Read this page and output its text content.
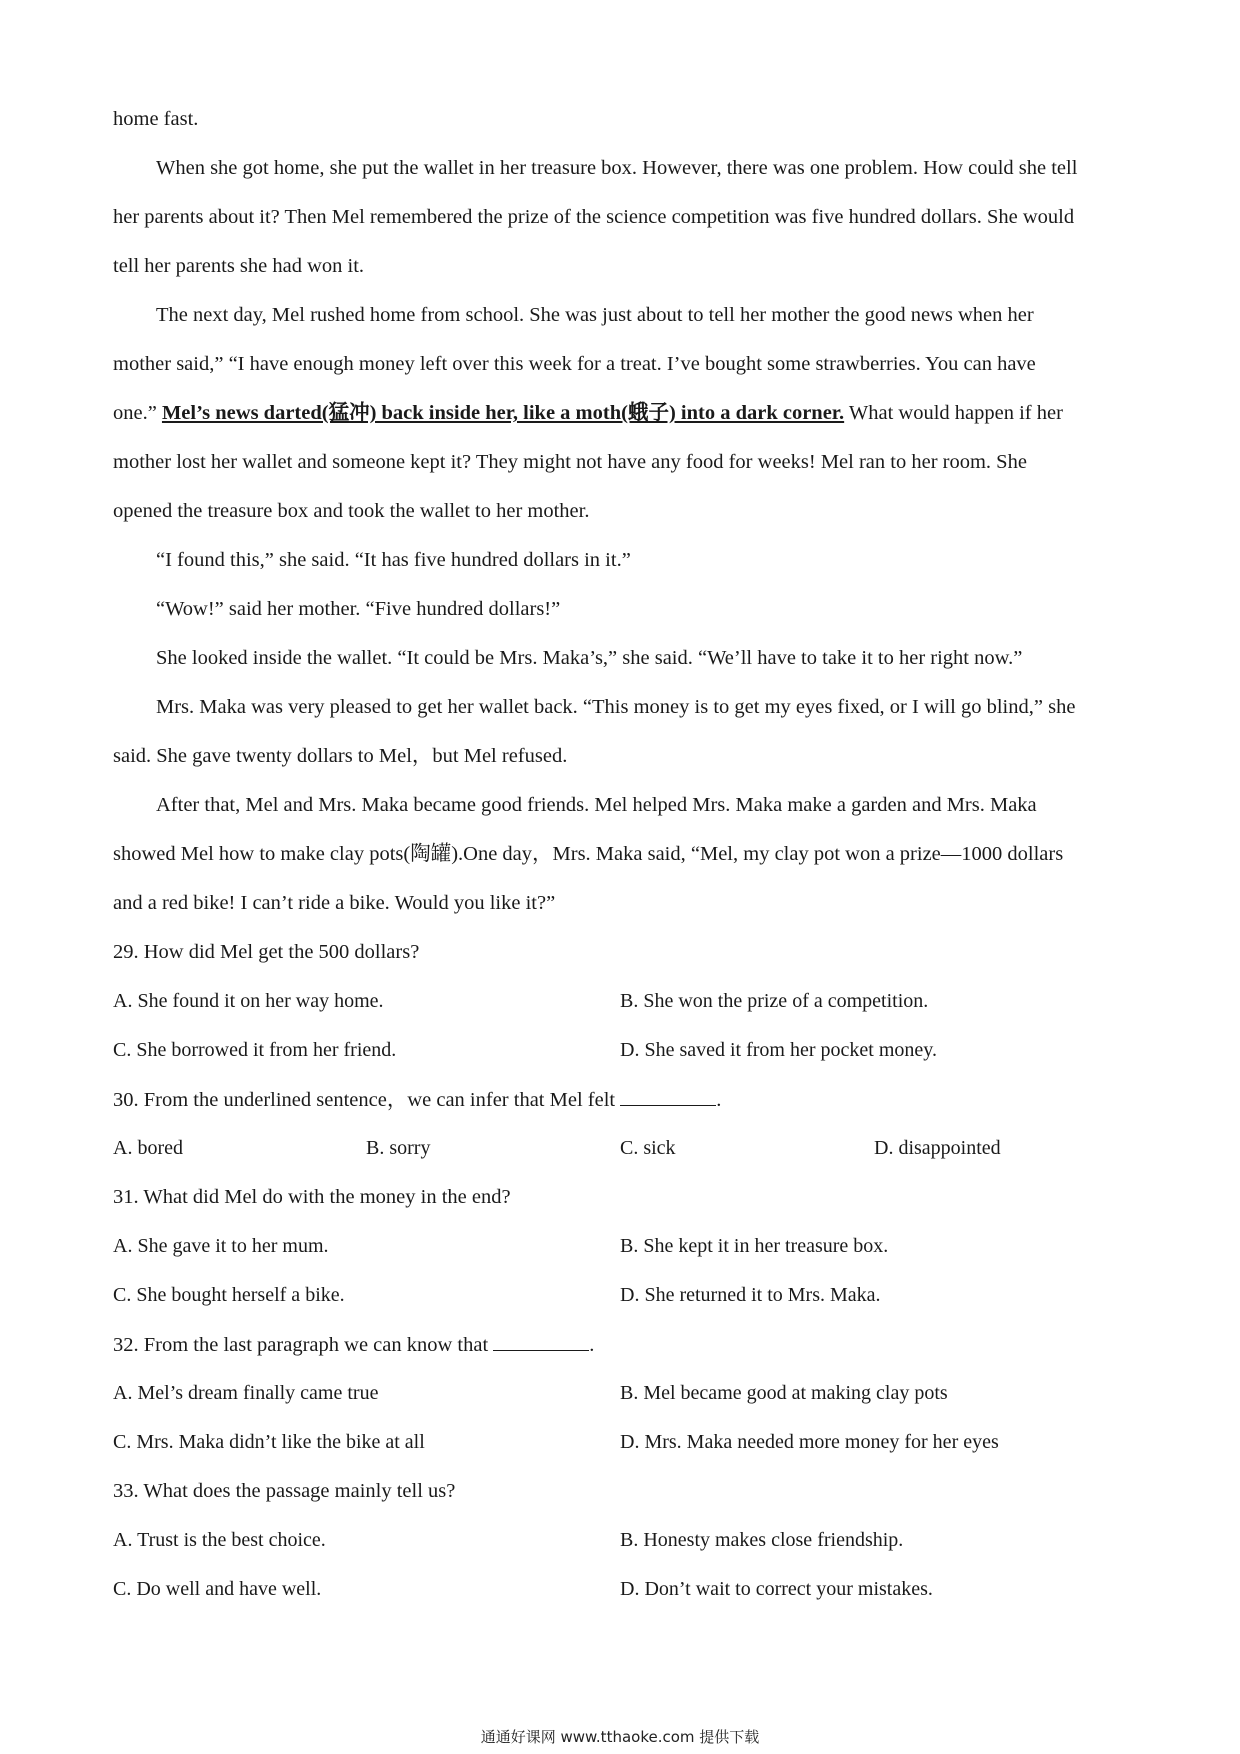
home fast.
When she got home, she put the wallet in her treasure box. However, there was one problem. How could she tell
her parents about it? Then Mel remembered the prize of the science competition was five hundred dollars. She would
tell her parents she had won it.
The next day, Mel rushed home from school. She was just about to tell her mother the good news when her
mother said,” “I have enough money left over this week for a treat. I’ve bought some strawberries. You can have
one.” Mel’s news darted(猛冲) back inside her, like a moth(蛾子) into a dark corner. What would happen if her
mother lost her wallet and someone kept it? They might not have any food for weeks! Mel ran to her room. She
opened the treasure box and took the wallet to her mother.
“I found this,” she said. “It has five hundred dollars in it.”
“Wow!” said her mother. “Five hundred dollars!”
She looked inside the wallet. “It could be Mrs. Maka’s,” she said. “We’ll have to take it to her right now.”
Mrs. Maka was very pleased to get her wallet back. “This money is to get my eyes fixed, or I will go blind,” she
said. She gave twenty dollars to Mel，but Mel refused.
After that, Mel and Mrs. Maka became good friends. Mel helped Mrs. Maka make a garden and Mrs. Maka
showed Mel how to make clay pots(陶罐).One day，Mrs. Maka said, “Mel, my clay pot won a prize—1000 dollars
and a red bike! I can’t ride a bike. Would you like it?”
29. How did Mel get the 500 dollars?
A. She found it on her way home.	B. She won the prize of a competition.
C. She borrowed it from her friend.	D. She saved it from her pocket money.
30. From the underlined sentence，we can infer that Mel felt	.
A. bored	B. sorry	C. sick	D. disappointed
31. What did Mel do with the money in the end?
A. She gave it to her mum.	B. She kept it in her treasure box.
C. She bought herself a bike.	D. She returned it to Mrs. Maka.
32. From the last paragraph we can know that	.
A. Mel’s dream finally came true	B. Mel became good at making clay pots
C. Mrs. Maka didn’t like the bike at all	D. Mrs. Maka needed more money for her eyes
33. What does the passage mainly tell us?
A. Trust is the best choice.	B. Honesty makes close friendship.
C. Do well and have well.	D. Don’t wait to correct your mistakes.
通通好课网 www.tthaoke.com 提供下载
